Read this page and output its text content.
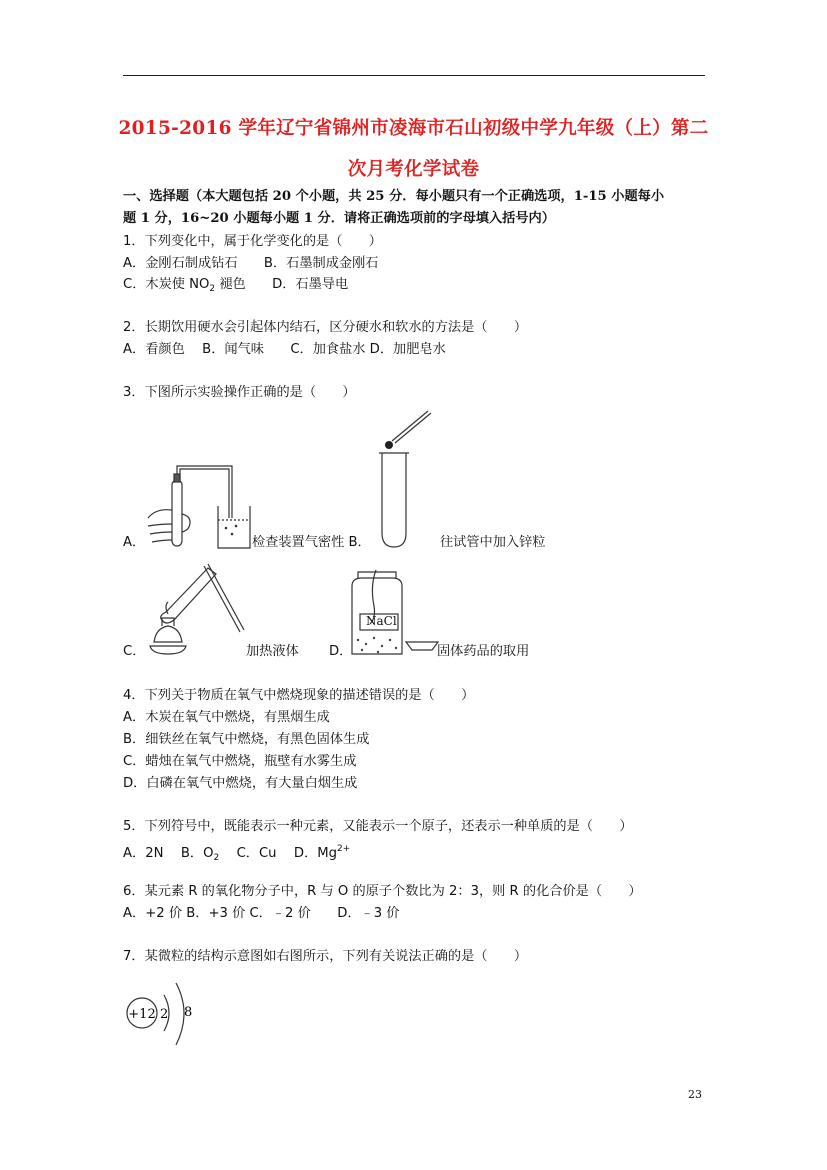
2015-2016 学年辽宁省锦州市凌海市石山初级中学九年级（上）第二
次月考化学试卷
一、选择题（本大题包括 20 个小题，共 25 分．每小题只有一个正确选项，1-15 小题每小
题 1 分，16~20 小题每小题 1 分．请将正确选项前的字母填入括号内）
1．下列变化中，属于化学变化的是（　　）
A．金刚石制成钻石　　B．石墨制成金刚石
C．木炭使 $NO_2$ 褪色　　D．石墨导电
2．长期饮用硬水会引起体内结石，区分硬水和软水的方法是（　　）
A．看颜色　 B．闻气味　　C．加食盐水 D．加肥皂水
3．下图所示实验操作正确的是（　　）
A．	检查装置气密性 B．	往试管中加入锌粒
C．	加热液体 D．
NaCl
固体药品的取用
4．下列关于物质在氧气中燃烧现象的描述错误的是（　　）
A．木炭在氧气中燃烧，有黑烟生成
B．细铁丝在氧气中燃烧，有黑色固体生成
C．蜡烛在氧气中燃烧，瓶壁有水雾生成
D．白磷在氧气中燃烧，有大量白烟生成
5．下列符号中，既能表示一种元素，又能表示一个原子，还表示一种单质的是（　　）
A．2N　 B．$O_2$　 C．Cu　 D．$Mg^{2+}$
6．某元素 R 的氧化物分子中，R 与 O 的原子个数比为 2：3，则 R 的化合价是（　　）
A．+2 价 B．+3 价 C．﹣2 价　　D．﹣3 价
7．某微粒的结构示意图如右图所示，下列有关说法正确的是（　　）
+12 2 8
23
